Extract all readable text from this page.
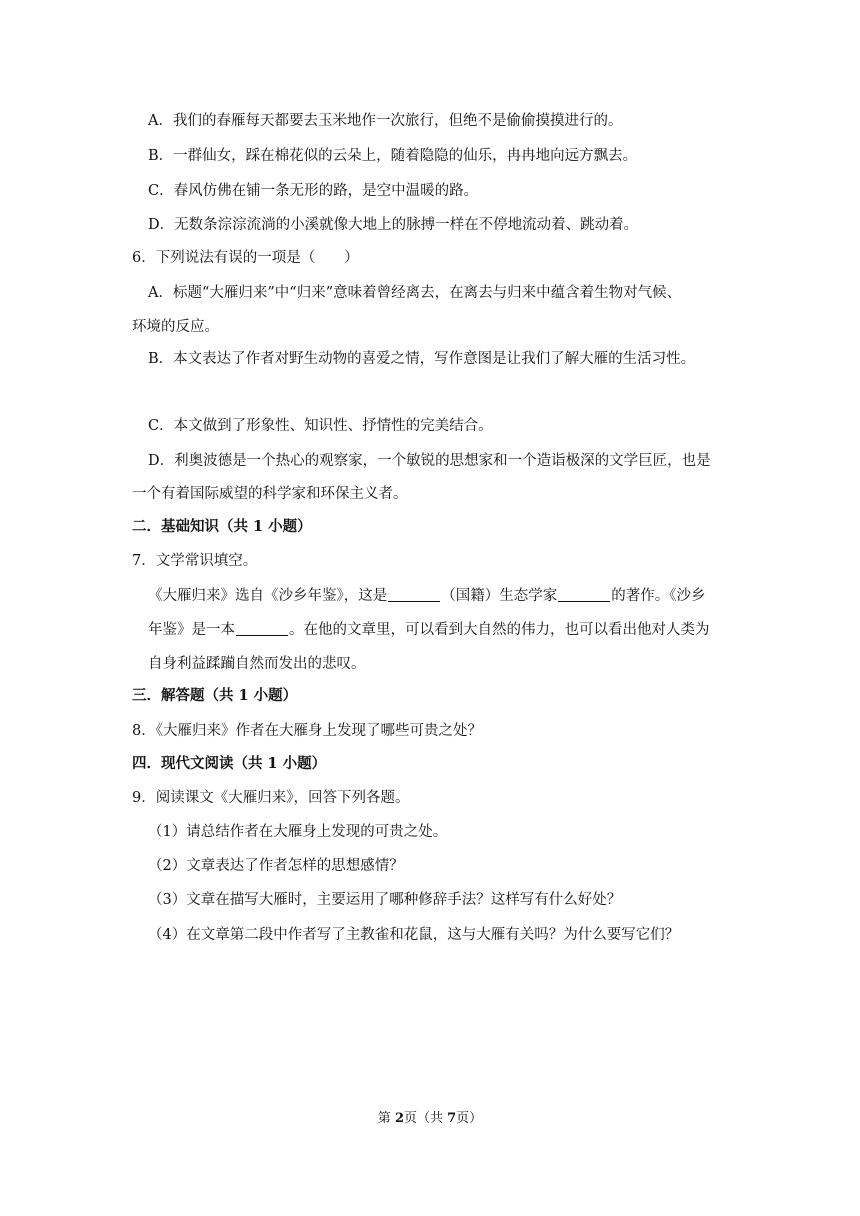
A．我们的春雁每天都要去玉米地作一次旅行，但绝不是偷偷摸摸进行的。
B．一群仙女，踩在棉花似的云朵上，随着隐隐的仙乐，冉冉地向远方飘去。
C．春风仿佛在铺一条无形的路，是空中温暖的路。
D．无数条淙淙流淌的小溪就像大地上的脉搏一样在不停地流动着、跳动着。
6．下列说法有误的一项是（　　）
A．标题“大雁归来”中“归来”意味着曾经离去，在离去与归来中蕴含着生物对气候、
环境的反应。
B．本文表达了作者对野生动物的喜爱之情，写作意图是让我们了解大雁的生活习性。
C．本文做到了形象性、知识性、抒情性的完美结合。
D．利奥波德是一个热心的观察家，一个敏锐的思想家和一个造诣极深的文学巨匠，也是
一个有着国际威望的科学家和环保主义者。
二．基础知识（共 1 小题）
7．文学常识填空。
《大雁归来》选自《沙乡年鉴》，这是	（国籍）生态学家	的著作。《沙乡
年鉴》是一本	。在他的文章里，可以看到大自然的伟力，也可以看出他对人类为
自身利益蹂躏自然而发出的悲叹。
三．解答题（共 1 小题）
8．《大雁归来》作者在大雁身上发现了哪些可贵之处？
四．现代文阅读（共 1 小题）
9．阅读课文《大雁归来》，回答下列各题。
（1）请总结作者在大雁身上发现的可贵之处。
（2）文章表达了作者怎样的思想感情？
（3）文章在描写大雁时，主要运用了哪种修辞手法？这样写有什么好处？
（4）在文章第二段中作者写了主教雀和花鼠，这与大雁有关吗？为什么要写它们？
第 2页（共 7页）
